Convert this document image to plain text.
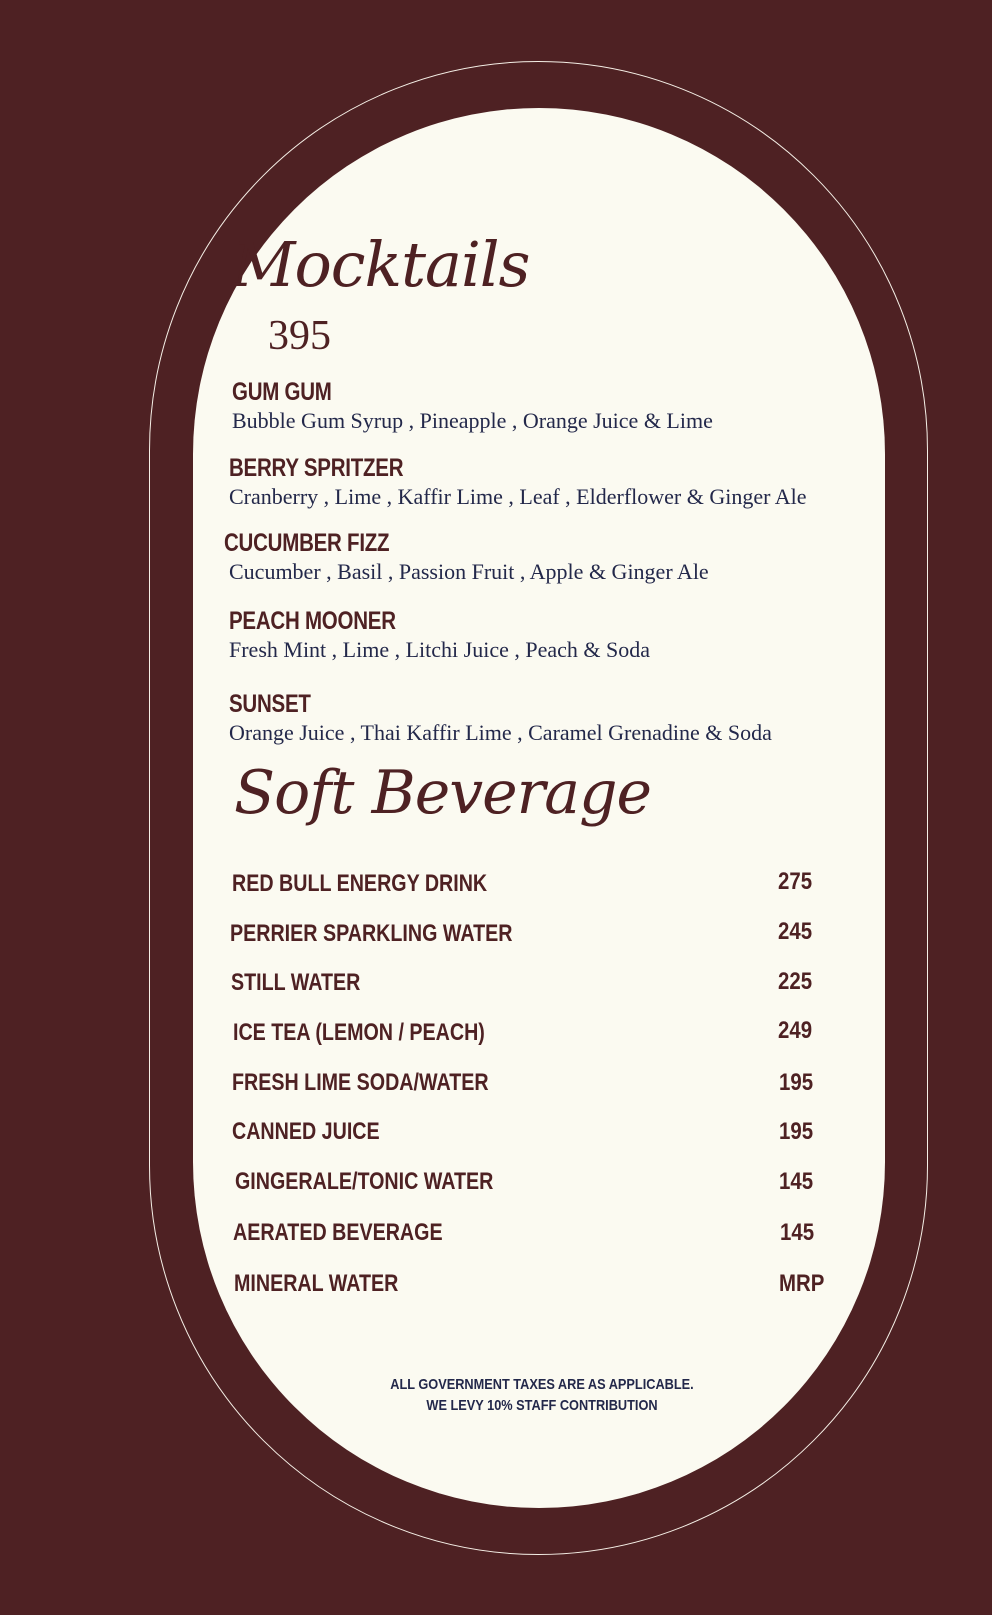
Mocktails
395
GUM GUM
Bubble Gum Syrup , Pineapple , Orange Juice & Lime
BERRY SPRITZER
Cranberry , Lime , Kaffir Lime , Leaf , Elderflower & Ginger Ale
CUCUMBER FIZZ
Cucumber , Basil , Passion Fruit , Apple & Ginger Ale
PEACH MOONER
Fresh Mint , Lime , Litchi Juice , Peach & Soda
SUNSET
Orange Juice , Thai Kaffir Lime , Caramel Grenadine & Soda
Soft Beverage
RED BULL ENERGY DRINK	275
PERRIER SPARKLING WATER	245
STILL WATER	225
ICE TEA (LEMON / PEACH)	249
FRESH LIME SODA/WATER	195
CANNED JUICE	195
GINGERALE/TONIC WATER	145
AERATED BEVERAGE	145
MINERAL WATER	MRP
ALL GOVERNMENT TAXES ARE AS APPLICABLE.
WE LEVY 10% STAFF CONTRIBUTION
